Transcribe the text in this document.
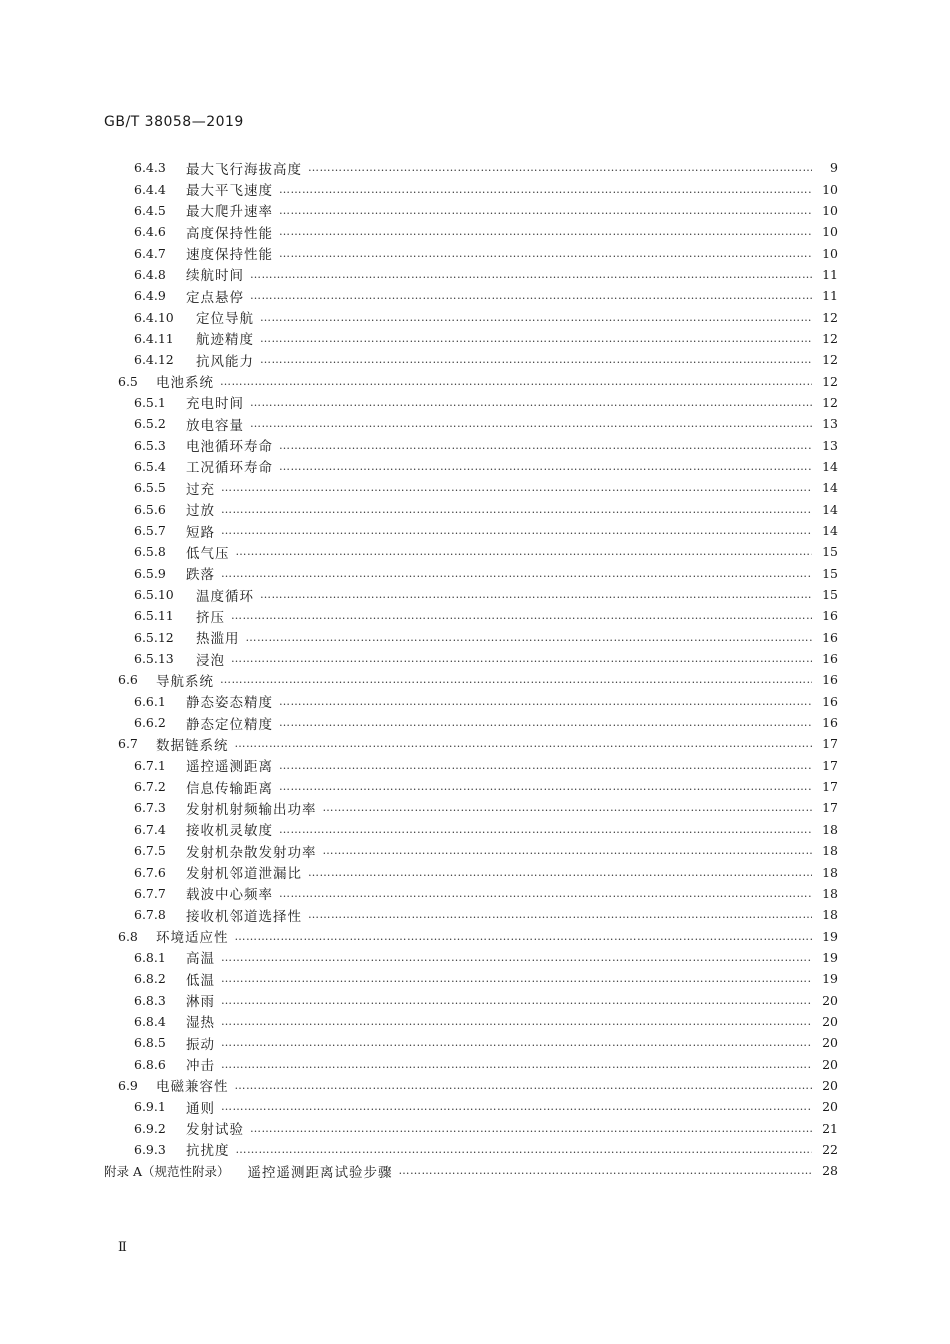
GB/T 38058—2019
6.4.3	最大飞行海拔高度 ………………………………………………………………………………………………………………………………………………………………………………………………	9
6.4.4	最大平飞速度 ………………………………………………………………………………………………………………………………………………………………………………………………	10
6.4.5	最大爬升速率 ………………………………………………………………………………………………………………………………………………………………………………………………	10
6.4.6	高度保持性能 ………………………………………………………………………………………………………………………………………………………………………………………………	10
6.4.7	速度保持性能 ………………………………………………………………………………………………………………………………………………………………………………………………	10
6.4.8	续航时间 ………………………………………………………………………………………………………………………………………………………………………………………………	11
6.4.9	定点悬停 ………………………………………………………………………………………………………………………………………………………………………………………………	11
6.4.10	定位导航 ………………………………………………………………………………………………………………………………………………………………………………………………	12
6.4.11	航迹精度 ………………………………………………………………………………………………………………………………………………………………………………………………	12
6.4.12	抗风能力 ………………………………………………………………………………………………………………………………………………………………………………………………	12
6.5	电池系统 ………………………………………………………………………………………………………………………………………………………………………………………………	12
6.5.1	充电时间 ………………………………………………………………………………………………………………………………………………………………………………………………	12
6.5.2	放电容量 ………………………………………………………………………………………………………………………………………………………………………………………………	13
6.5.3	电池循环寿命 ………………………………………………………………………………………………………………………………………………………………………………………………	13
6.5.4	工况循环寿命 ………………………………………………………………………………………………………………………………………………………………………………………………	14
6.5.5	过充 ………………………………………………………………………………………………………………………………………………………………………………………………	14
6.5.6	过放 ………………………………………………………………………………………………………………………………………………………………………………………………	14
6.5.7	短路 ………………………………………………………………………………………………………………………………………………………………………………………………	14
6.5.8	低气压 ………………………………………………………………………………………………………………………………………………………………………………………………	15
6.5.9	跌落 ………………………………………………………………………………………………………………………………………………………………………………………………	15
6.5.10	温度循环 ………………………………………………………………………………………………………………………………………………………………………………………………	15
6.5.11	挤压 ………………………………………………………………………………………………………………………………………………………………………………………………	16
6.5.12	热滥用 ………………………………………………………………………………………………………………………………………………………………………………………………	16
6.5.13	浸泡 ………………………………………………………………………………………………………………………………………………………………………………………………	16
6.6	导航系统 ………………………………………………………………………………………………………………………………………………………………………………………………	16
6.6.1	静态姿态精度 ………………………………………………………………………………………………………………………………………………………………………………………………	16
6.6.2	静态定位精度 ………………………………………………………………………………………………………………………………………………………………………………………………	16
6.7	数据链系统 ………………………………………………………………………………………………………………………………………………………………………………………………	17
6.7.1	遥控遥测距离 ………………………………………………………………………………………………………………………………………………………………………………………………	17
6.7.2	信息传输距离 ………………………………………………………………………………………………………………………………………………………………………………………………	17
6.7.3	发射机射频输出功率 ………………………………………………………………………………………………………………………………………………………………………………………………	17
6.7.4	接收机灵敏度 ………………………………………………………………………………………………………………………………………………………………………………………………	18
6.7.5	发射机杂散发射功率 ………………………………………………………………………………………………………………………………………………………………………………………………	18
6.7.6	发射机邻道泄漏比 ………………………………………………………………………………………………………………………………………………………………………………………………	18
6.7.7	载波中心频率 ………………………………………………………………………………………………………………………………………………………………………………………………	18
6.7.8	接收机邻道选择性 ………………………………………………………………………………………………………………………………………………………………………………………………	18
6.8	环境适应性 ………………………………………………………………………………………………………………………………………………………………………………………………	19
6.8.1	高温 ………………………………………………………………………………………………………………………………………………………………………………………………	19
6.8.2	低温 ………………………………………………………………………………………………………………………………………………………………………………………………	19
6.8.3	淋雨 ………………………………………………………………………………………………………………………………………………………………………………………………	20
6.8.4	湿热 ………………………………………………………………………………………………………………………………………………………………………………………………	20
6.8.5	振动 ………………………………………………………………………………………………………………………………………………………………………………………………	20
6.8.6	冲击 ………………………………………………………………………………………………………………………………………………………………………………………………	20
6.9	电磁兼容性 ………………………………………………………………………………………………………………………………………………………………………………………………	20
6.9.1	通则 ………………………………………………………………………………………………………………………………………………………………………………………………	20
6.9.2	发射试验 ………………………………………………………………………………………………………………………………………………………………………………………………	21
6.9.3	抗扰度 ………………………………………………………………………………………………………………………………………………………………………………………………	22
附录 A（规范性附录） 遥控遥测距离试验步骤 ………………………………………………………………………………………………………………………………………………………………………………………………	28
Ⅱ
